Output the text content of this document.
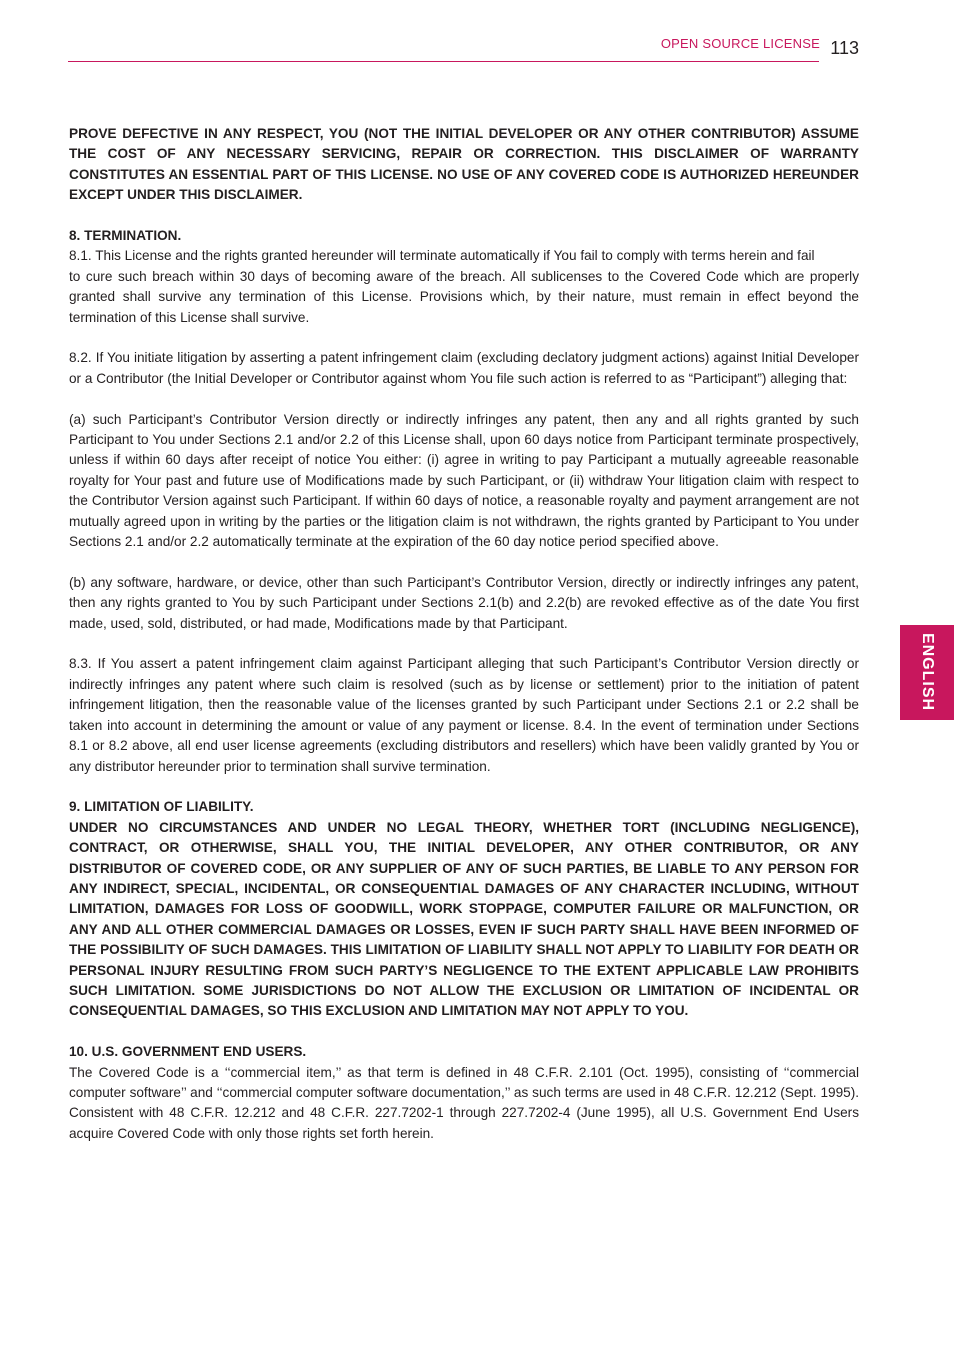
OPEN SOURCE LICENSE 113
ENGLISH

PROVE DEFECTIVE IN ANY RESPECT, YOU (NOT THE INITIAL DEVELOPER OR ANY OTHER CONTRIBUTOR) ASSUME THE COST OF ANY NECESSARY SERVICING, REPAIR OR CORRECTION. THIS DISCLAIMER OF WARRANTY CONSTITUTES AN ESSENTIAL PART OF THIS LICENSE. NO USE OF ANY COVERED CODE IS AUTHORIZED HEREUNDER EXCEPT UNDER THIS DISCLAIMER.

8. TERMINATION.

8.1. This License and the rights granted hereunder will terminate automatically if You fail to comply with terms herein and fail

to cure such breach within 30 days of becoming aware of the breach. All sublicenses to the Covered Code which are properly granted shall survive any termination of this License. Provisions which, by their nature, must remain in effect beyond the termination of this License shall survive.

8.2. If You initiate litigation by asserting a patent infringement claim (excluding declatory judgment actions) against Initial Developer or a Contributor (the Initial Developer or Contributor against whom You file such action is referred to as “Participant”) alleging that:

(a) such Participant’s Contributor Version directly or indirectly infringes any patent, then any and all rights granted by such Participant to You under Sections 2.1 and/or 2.2 of this License shall, upon 60 days notice from Participant terminate prospectively, unless if within 60 days after receipt of notice You either: (i) agree in writing to pay Participant a mutually agreeable reasonable royalty for Your past and future use of Modifications made by such Participant, or (ii) withdraw Your litigation claim with respect to the Contributor Version against such Participant. If within 60 days of notice, a reasonable royalty and payment arrangement are not mutually agreed upon in writing by the parties or the litigation claim is not withdrawn, the rights granted by Participant to You under Sections 2.1 and/or 2.2 automatically terminate at the expiration of the 60 day notice period specified above.

(b) any software, hardware, or device, other than such Participant’s Contributor Version, directly or indirectly infringes any patent, then any rights granted to You by such Participant under Sections 2.1(b) and 2.2(b) are revoked effective as of the date You first made, used, sold, distributed, or had made, Modifications made by that Participant.

8.3. If You assert a patent infringement claim against Participant alleging that such Participant’s Contributor Version directly or indirectly infringes any patent where such claim is resolved (such as by license or settlement) prior to the initiation of patent infringement litigation, then the reasonable value of the licenses granted by such Participant under Sections 2.1 or 2.2 shall be taken into account in determining the amount or value of any payment or license. 8.4. In the event of termination under Sections 8.1 or 8.2 above, all end user license agreements (excluding distributors and resellers) which have been validly granted by You or any distributor hereunder prior to termination shall survive termination.

9. LIMITATION OF LIABILITY.

UNDER NO CIRCUMSTANCES AND UNDER NO LEGAL THEORY, WHETHER TORT (INCLUDING NEGLIGENCE), CONTRACT, OR OTHERWISE, SHALL YOU, THE INITIAL DEVELOPER, ANY OTHER CONTRIBUTOR, OR ANY DISTRIBUTOR OF COVERED CODE, OR ANY SUPPLIER OF ANY OF SUCH PARTIES, BE LIABLE TO ANY PERSON FOR ANY INDIRECT, SPECIAL, INCIDENTAL, OR CONSEQUENTIAL DAMAGES OF ANY CHARACTER INCLUDING, WITHOUT LIMITATION, DAMAGES FOR LOSS OF GOODWILL, WORK STOPPAGE, COMPUTER FAILURE OR MALFUNCTION, OR ANY AND ALL OTHER COMMERCIAL DAMAGES OR LOSSES, EVEN IF SUCH PARTY SHALL HAVE BEEN INFORMED OF THE POSSIBILITY OF SUCH DAMAGES. THIS LIMITATION OF LIABILITY SHALL NOT APPLY TO LIABILITY FOR DEATH OR PERSONAL INJURY RESULTING FROM SUCH PARTY’S NEGLIGENCE TO THE EXTENT APPLICABLE LAW PROHIBITS SUCH LIMITATION. SOME JURISDICTIONS DO NOT ALLOW THE EXCLUSION OR LIMITATION OF INCIDENTAL OR CONSEQUENTIAL DAMAGES, SO THIS EXCLUSION AND LIMITATION MAY NOT APPLY TO YOU.

10. U.S. GOVERNMENT END USERS.

The Covered Code is a ‘‘commercial item,’’ as that term is defined in 48 C.F.R. 2.101 (Oct. 1995), consisting of ‘‘commercial computer software’’ and ‘‘commercial computer software documentation,’’ as such terms are used in 48 C.F.R. 12.212 (Sept. 1995). Consistent with 48 C.F.R. 12.212 and 48 C.F.R. 227.7202-1 through 227.7202-4 (June 1995), all U.S. Government End Users acquire Covered Code with only those rights set forth herein.
